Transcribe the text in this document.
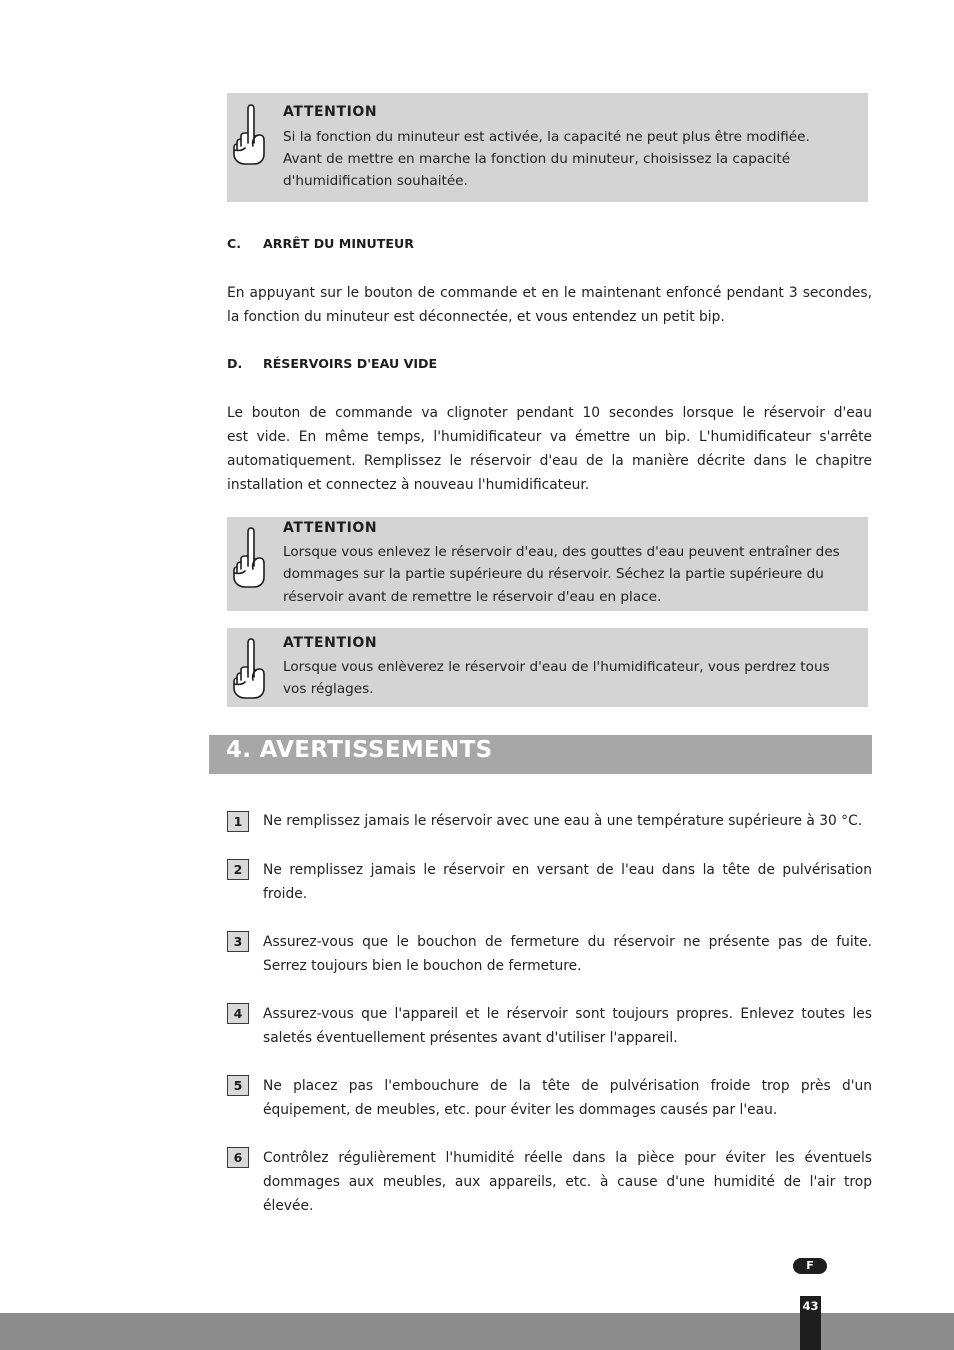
ATTENTION
Si la fonction du minuteur est activée, la capacité ne peut plus être modifiée.
Avant de mettre en marche la fonction du minuteur, choisissez la capacité
d'humidification souhaitée.
C. ARRÊT DU MINUTEUR
En appuyant sur le bouton de commande et en le maintenant enfoncé pendant 3 secondes,
la fonction du minuteur est déconnectée, et vous entendez un petit bip.
D. RÉSERVOIRS D'EAU VIDE
Le bouton de commande va clignoter pendant 10 secondes lorsque le réservoir d'eau
est vide. En même temps, l'humidificateur va émettre un bip. L'humidificateur s'arrête
automatiquement. Remplissez le réservoir d'eau de la manière décrite dans le chapitre
installation et connectez à nouveau l'humidificateur.
ATTENTION
Lorsque vous enlevez le réservoir d'eau, des gouttes d'eau peuvent entraîner des
dommages sur la partie supérieure du réservoir. Séchez la partie supérieure du
réservoir avant de remettre le réservoir d'eau en place.
ATTENTION
Lorsque vous enlèverez le réservoir d'eau de l'humidificateur, vous perdrez tous
vos réglages.
4. AVERTISSEMENTS
1	Ne remplissez jamais le réservoir avec une eau à une température supérieure à 30 °C.
2	Ne remplissez jamais le réservoir en versant de l'eau dans la tête de pulvérisation
froide.
3	Assurez-vous que le bouchon de fermeture du réservoir ne présente pas de fuite.
Serrez toujours bien le bouchon de fermeture.
4	Assurez-vous que l'appareil et le réservoir sont toujours propres. Enlevez toutes les
saletés éventuellement présentes avant d'utiliser l'appareil.
5	Ne placez pas l'embouchure de la tête de pulvérisation froide trop près d'un
équipement, de meubles, etc. pour éviter les dommages causés par l'eau.
6	Contrôlez régulièrement l'humidité réelle dans la pièce pour éviter les éventuels
dommages aux meubles, aux appareils, etc. à cause d'une humidité de l'air trop
élevée.
F
43
